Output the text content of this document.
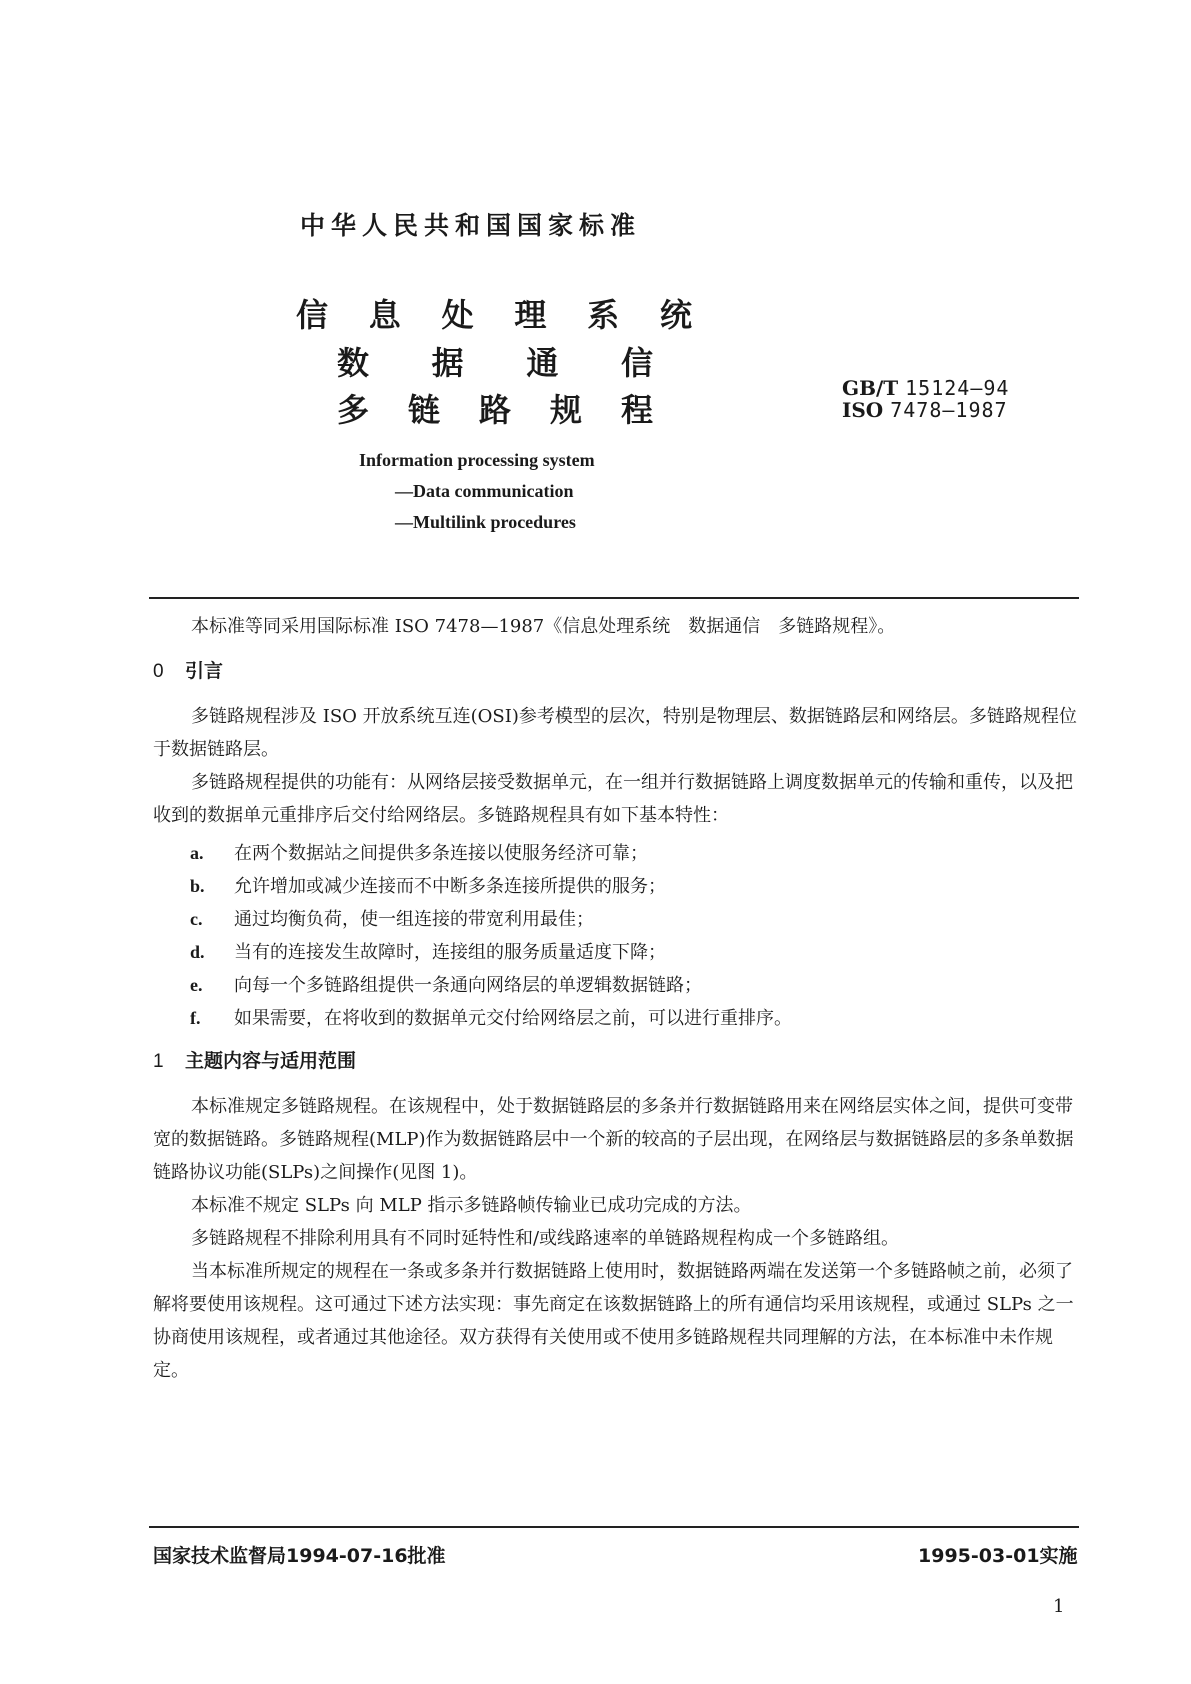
中华人民共和国国家标准
信 息 处 理 系 统
数 据 通 信
多 链 路 规 程
GB/T 15124—94
ISO 7478—1987
Information processing system
—Data communication
—Multilink procedures
本标准等同采用国际标准 ISO 7478—1987《信息处理系统　数据通信　多链路规程》。
0 引言
多链路规程涉及 ISO 开放系统互连(OSI)参考模型的层次，特别是物理层、数据链路层和网络层。多链路规程位于数据链路层。
多链路规程提供的功能有：从网络层接受数据单元，在一组并行数据链路上调度数据单元的传输和重传，以及把收到的数据单元重排序后交付给网络层。多链路规程具有如下基本特性：
a. 在两个数据站之间提供多条连接以使服务经济可靠；
b. 允许增加或减少连接而不中断多条连接所提供的服务；
c. 通过均衡负荷，使一组连接的带宽利用最佳；
d. 当有的连接发生故障时，连接组的服务质量适度下降；
e. 向每一个多链路组提供一条通向网络层的单逻辑数据链路；
f. 如果需要，在将收到的数据单元交付给网络层之前，可以进行重排序。
1 主题内容与适用范围
本标准规定多链路规程。在该规程中，处于数据链路层的多条并行数据链路用来在网络层实体之间，提供可变带宽的数据链路。多链路规程(MLP)作为数据链路层中一个新的较高的子层出现，在网络层与数据链路层的多条单数据链路协议功能(SLPs)之间操作(见图 1)。
本标准不规定 SLPs 向 MLP 指示多链路帧传输业已成功完成的方法。
多链路规程不排除利用具有不同时延特性和/或线路速率的单链路规程构成一个多链路组。
当本标准所规定的规程在一条或多条并行数据链路上使用时，数据链路两端在发送第一个多链路帧之前，必须了解将要使用该规程。这可通过下述方法实现：事先商定在该数据链路上的所有通信均采用该规程，或通过 SLPs 之一协商使用该规程，或者通过其他途径。双方获得有关使用或不使用多链路规程共同理解的方法，在本标准中未作规定。
国家技术监督局1994-07-16批准	1995-03-01实施
1
